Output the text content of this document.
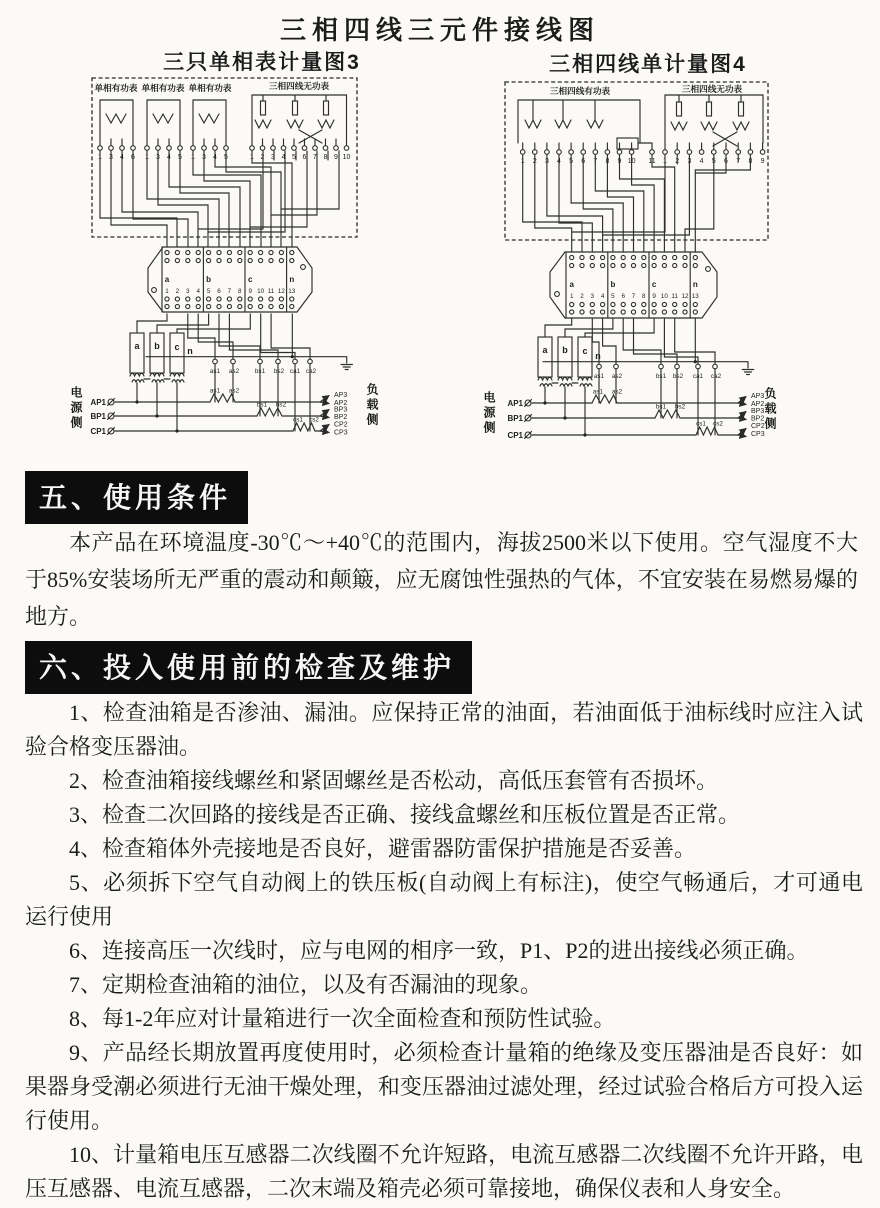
三相四线三元件接线图
三只单相表计量图3	三相四线单计量图4
单相有功表 单相有功表 单相有功表	三相四线无功表
1 3 4 6 1 3 4 5 1 3 4 5	1 2 3 4 5 6 7 8 9 10
1 2 3 4 5 6 7 8 9 10 11 12 13
a	b	c	n
a b c n
as1 as2	bs1 bs2 ca1 ca2
as1 as2
bs1 bs2
cs1 cs2
AP1
BP1
CP1
AP3
AP2
BP3
BP2
CP2
CP3
三相四线有功表	三相四线无功表
1 2 3 4 5 6 7 8 9 10 11 1 2 3 4 5 6 7 8 9
1 2 3 4 5 6 7 8 9 10 11 12 13
a	b	c	n
a b c n
as1 as2	bs1 bs2 ca1 ca2
as1 as2
bs1 bs2
cs1 cs2
AP1
BP1
CP1
AP3
AP2
BP3
BP2
CP2
CP3
电源侧	负载侧	电源侧	负载侧
五、使用条件

本产品在环境温度-30℃～+40℃的范围内，海拔2500米以下使用。空气湿度不大于85%安装场所无严重的震动和颠簸，应无腐蚀性强热的气体，不宜安装在易燃易爆的地方。

六、投入使用前的检查及维护

1、检查油箱是否渗油、漏油。应保持正常的油面，若油面低于油标线时应注入试验合格变压器油。

2、检查油箱接线螺丝和紧固螺丝是否松动，高低压套管有否损坏。

3、检查二次回路的接线是否正确、接线盒螺丝和压板位置是否正常。

4、检查箱体外壳接地是否良好，避雷器防雷保护措施是否妥善。

5、必须拆下空气自动阀上的铁压板(自动阀上有标注)，使空气畅通后，才可通电运行使用

6、连接高压一次线时，应与电网的相序一致，P1、P2的进出接线必须正确。

7、定期检查油箱的油位，以及有否漏油的现象。

8、每1-2年应对计量箱进行一次全面检查和预防性试验。

9、产品经长期放置再度使用时，必须检查计量箱的绝缘及变压器油是否良好：如果器身受潮必须进行无油干燥处理，和变压器油过滤处理，经过试验合格后方可投入运行使用。

10、计量箱电压互感器二次线圈不允许短路，电流互感器二次线圈不允许开路，电压互感器、电流互感器，二次末端及箱壳必须可靠接地，确保仪表和人身安全。
